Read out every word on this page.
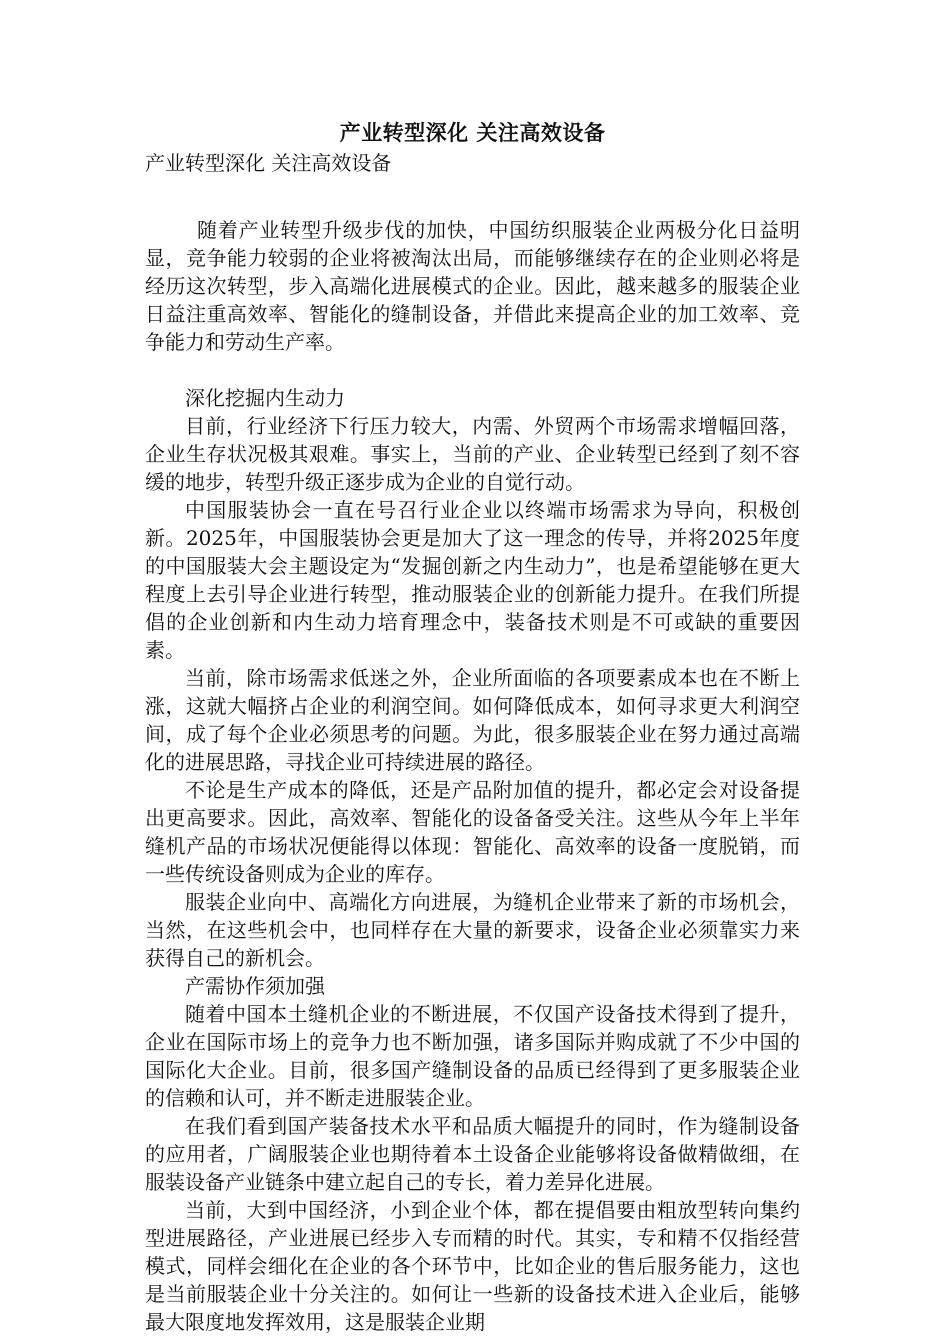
产业转型深化 关注高效设备

产业转型深化 关注高效设备

随着产业转型升级步伐的加快，中国纺织服装企业两极分化日益明显，竞争能力较弱的企业将被淘汰出局，而能够继续存在的企业则必将是经历这次转型，步入高端化进展模式的企业。因此，越来越多的服装企业日益注重高效率、智能化的缝制设备，并借此来提高企业的加工效率、竞争能力和劳动生产率。

深化挖掘内生动力

目前，行业经济下行压力较大，内需、外贸两个市场需求增幅回落，企业生存状况极其艰难。事实上，当前的产业、企业转型已经到了刻不容缓的地步，转型升级正逐步成为企业的自觉行动。

中国服装协会一直在号召行业企业以终端市场需求为导向，积极创新。2025年，中国服装协会更是加大了这一理念的传导，并将2025年度的中国服装大会主题设定为“发掘创新之内生动力”，也是希望能够在更大程度上去引导企业进行转型，推动服装企业的创新能力提升。在我们所提倡的企业创新和内生动力培育理念中，装备技术则是不可或缺的重要因素。

当前，除市场需求低迷之外，企业所面临的各项要素成本也在不断上涨，这就大幅挤占企业的利润空间。如何降低成本，如何寻求更大利润空间，成了每个企业必须思考的问题。为此，很多服装企业在努力通过高端化的进展思路，寻找企业可持续进展的路径。

不论是生产成本的降低，还是产品附加值的提升，都必定会对设备提出更高要求。因此，高效率、智能化的设备备受关注。这些从今年上半年缝机产品的市场状况便能得以体现：智能化、高效率的设备一度脱销，而一些传统设备则成为企业的库存。

服装企业向中、高端化方向进展，为缝机企业带来了新的市场机会，当然，在这些机会中，也同样存在大量的新要求，设备企业必须靠实力来获得自己的新机会。

产需协作须加强

随着中国本土缝机企业的不断进展，不仅国产设备技术得到了提升，企业在国际市场上的竞争力也不断加强，诸多国际并购成就了不少中国的国际化大企业。目前，很多国产缝制设备的品质已经得到了更多服装企业的信赖和认可，并不断走进服装企业。

在我们看到国产装备技术水平和品质大幅提升的同时，作为缝制设备的应用者，广阔服装企业也期待着本土设备企业能够将设备做精做细，在服装设备产业链条中建立起自己的专长，着力差异化进展。

当前，大到中国经济，小到企业个体，都在提倡要由粗放型转向集约型进展路径，产业进展已经步入专而精的时代。其实，专和精不仅指经营模式，同样会细化在企业的各个环节中，比如企业的售后服务能力，这也是当前服装企业十分关注的。如何让一些新的设备技术进入企业后，能够最大限度地发挥效用，这是服装企业期
